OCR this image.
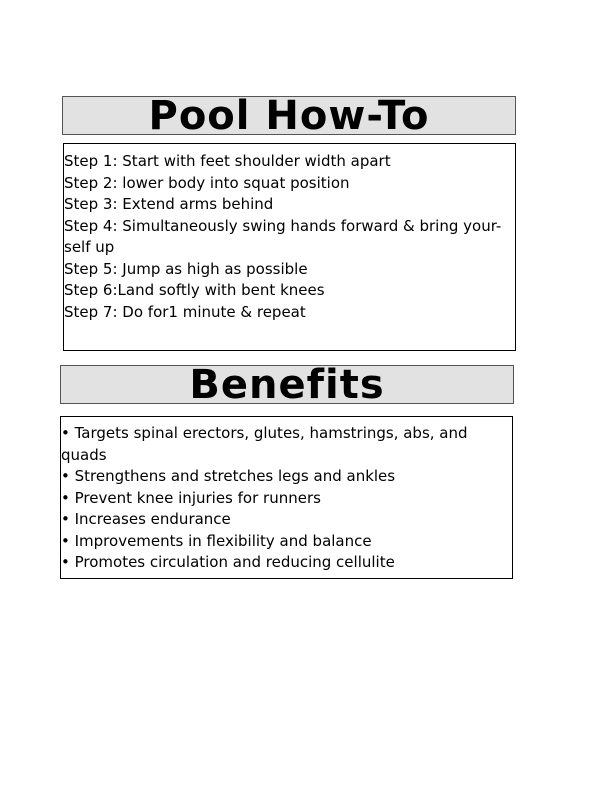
Pool How-To
Step 1: Start with feet shoulder width apart
Step 2: lower body into squat position
Step 3: Extend arms behind
Step 4: Simultaneously swing hands forward & bring your-
self up
Step 5: Jump as high as possible
Step 6:Land softly with bent knees
Step 7: Do for1 minute & repeat
Benefits
• Targets spinal erectors, glutes, hamstrings, abs, and
quads
• Strengthens and stretches legs and ankles
• Prevent knee injuries for runners
• Increases endurance
• Improvements in flexibility and balance
• Promotes circulation and reducing cellulite
